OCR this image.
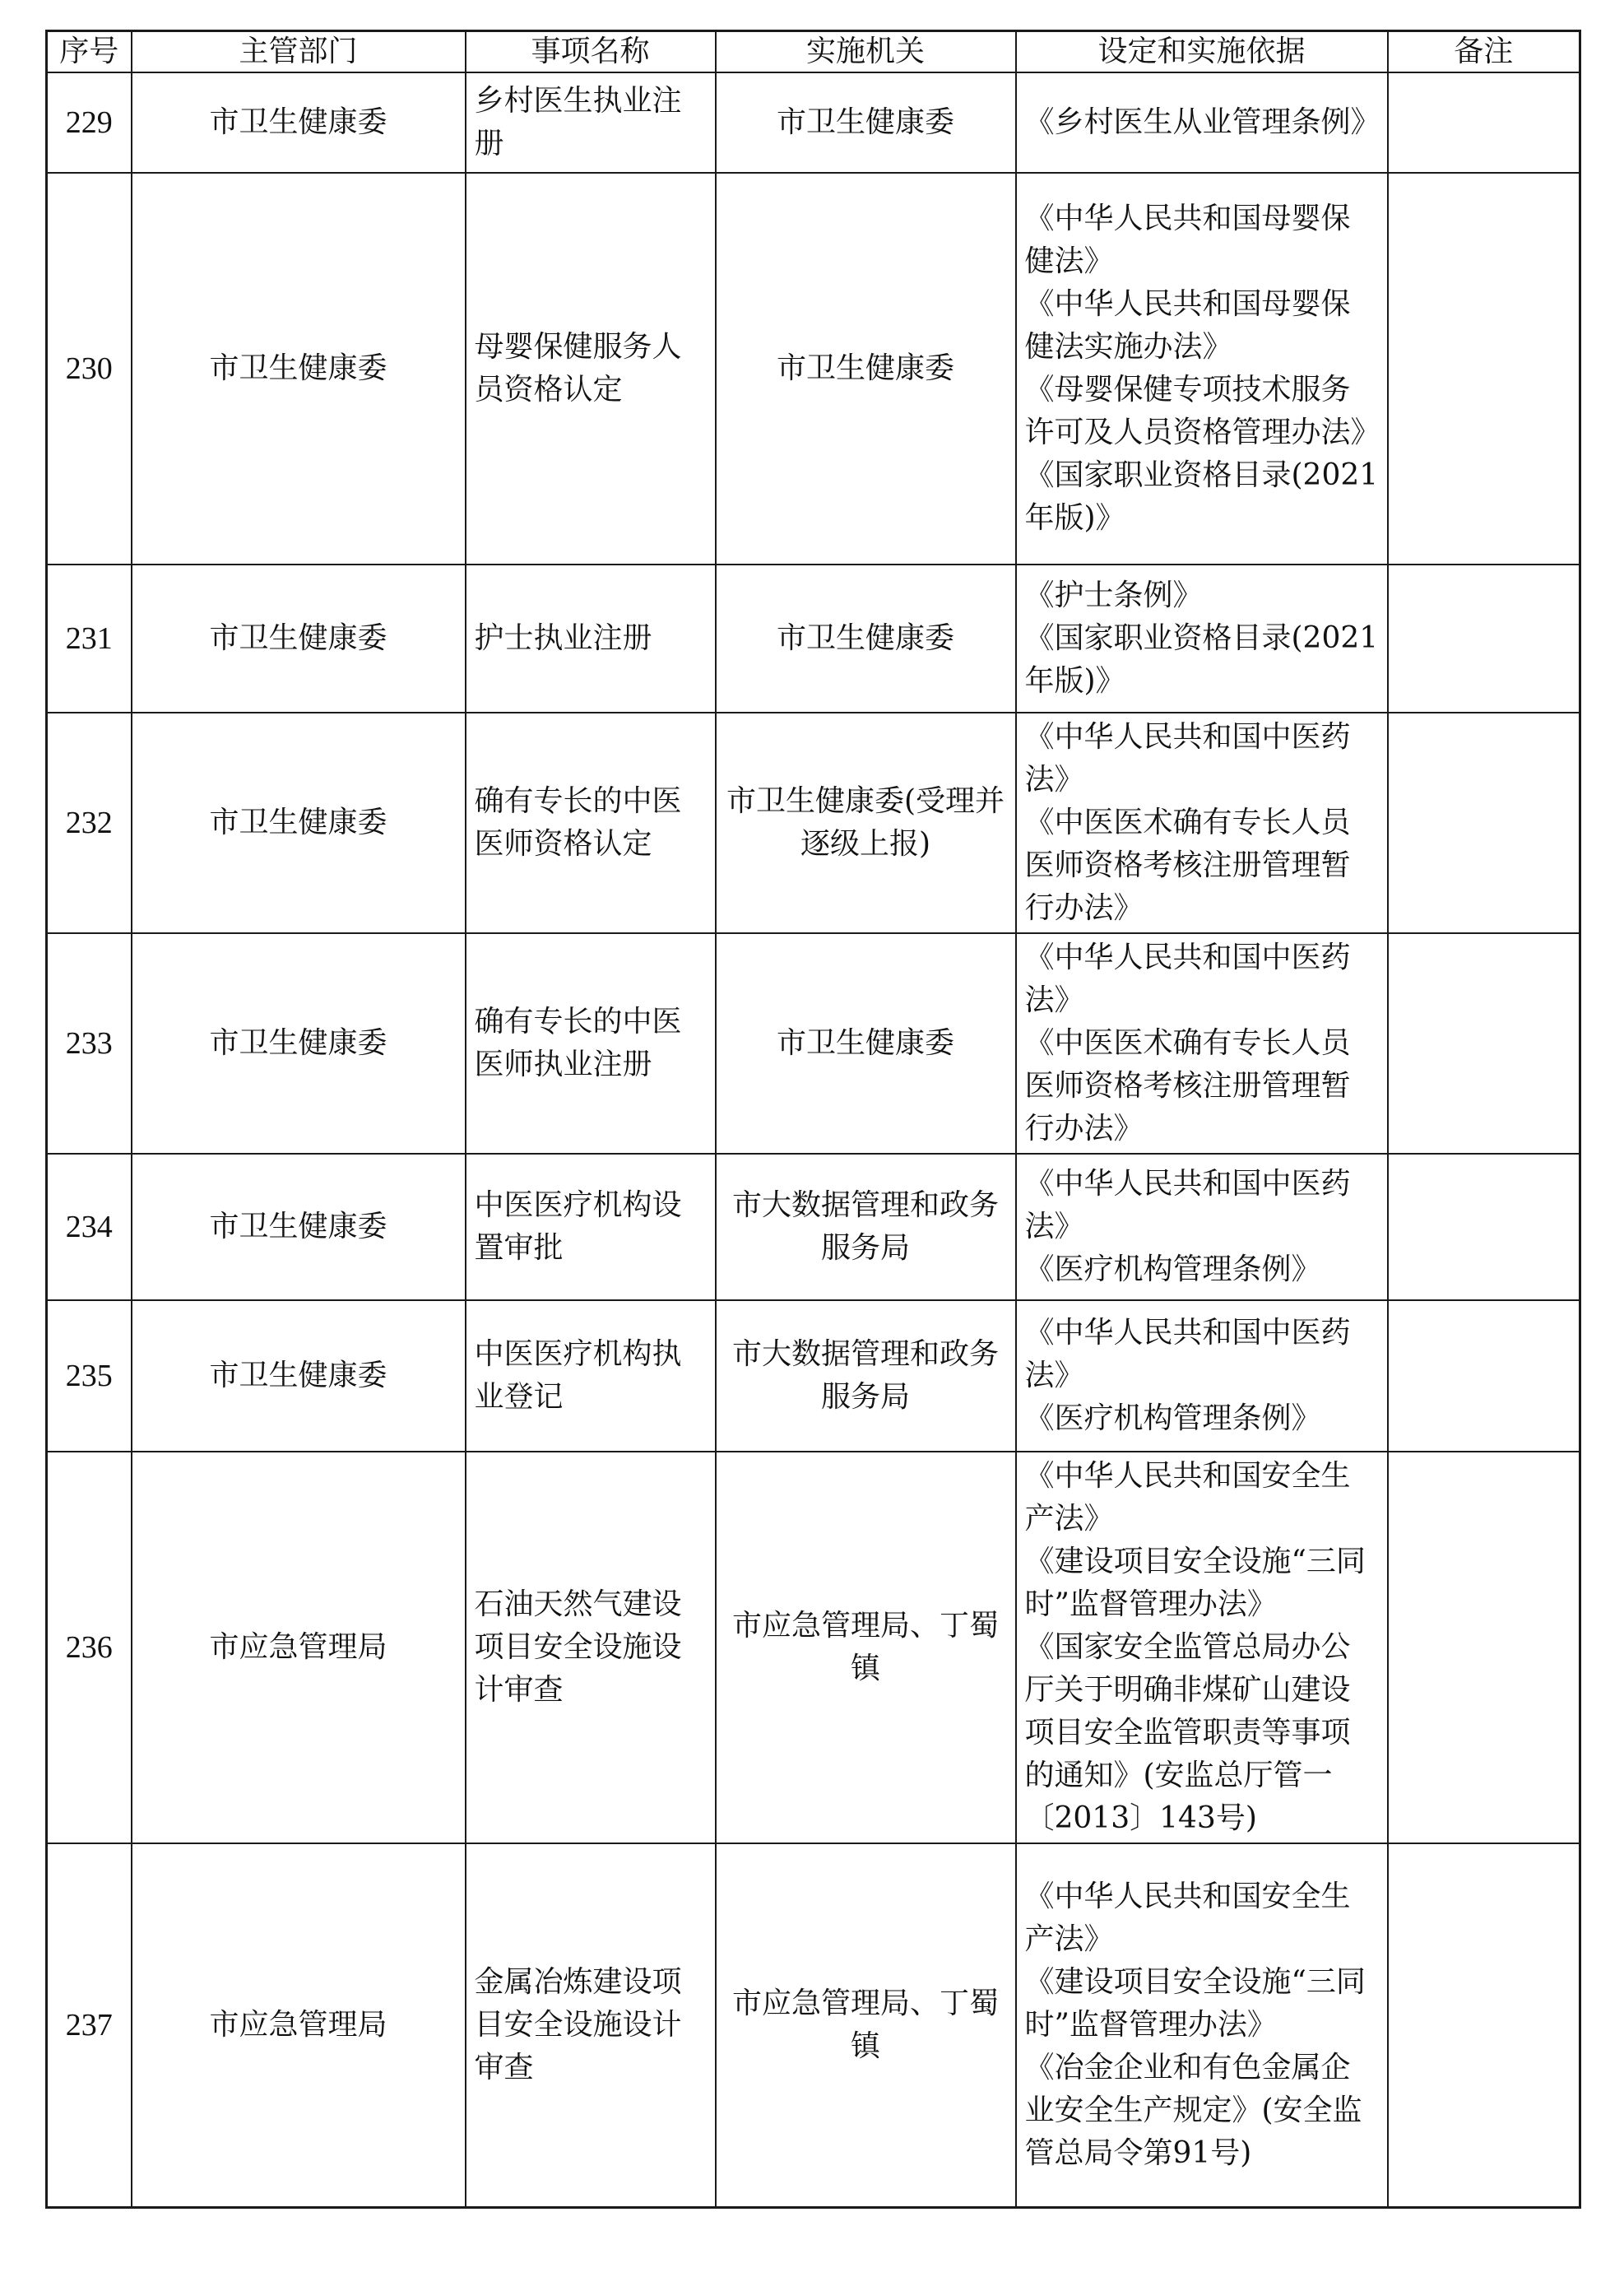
序号	主管部门	事项名称	实施机关	设定和实施依据	备注
229	市卫生健康委	乡村医生执业注册	市卫生健康委	《乡村医生从业管理条例》	

230	市卫生健康委	母婴保健服务人员资格认定	市卫生健康委	《中华人民共和国母婴保健法》
《中华人民共和国母婴保健法实施办法》
《母婴保健专项技术服务许可及人员资格管理办法》
《国家职业资格目录(2021年版)》	

231	市卫生健康委	护士执业注册	市卫生健康委	《护士条例》
《国家职业资格目录(2021年版)》	

232	市卫生健康委	确有专长的中医医师资格认定	市卫生健康委(受理并逐级上报)	《中华人民共和国中医药法》
《中医医术确有专长人员医师资格考核注册管理暂行办法》	

233	市卫生健康委	确有专长的中医医师执业注册	市卫生健康委	《中华人民共和国中医药法》
《中医医术确有专长人员医师资格考核注册管理暂行办法》	

234	市卫生健康委	中医医疗机构设置审批	市大数据管理和政务服务局	《中华人民共和国中医药法》
《医疗机构管理条例》	

235	市卫生健康委	中医医疗机构执业登记	市大数据管理和政务服务局	《中华人民共和国中医药法》
《医疗机构管理条例》	

236	市应急管理局	石油天然气建设项目安全设施设计审查	市应急管理局、丁蜀镇	《中华人民共和国安全生产法》
《建设项目安全设施“三同时”监督管理办法》
《国家安全监管总局办公厅关于明确非煤矿山建设项目安全监管职责等事项的通知》(安监总厅管一〔2013〕143号)	

237	市应急管理局	金属冶炼建设项目安全设施设计审查	市应急管理局、丁蜀镇	《中华人民共和国安全生产法》
《建设项目安全设施“三同时”监督管理办法》
《冶金企业和有色金属企业安全生产规定》(安全监管总局令第91号)	
